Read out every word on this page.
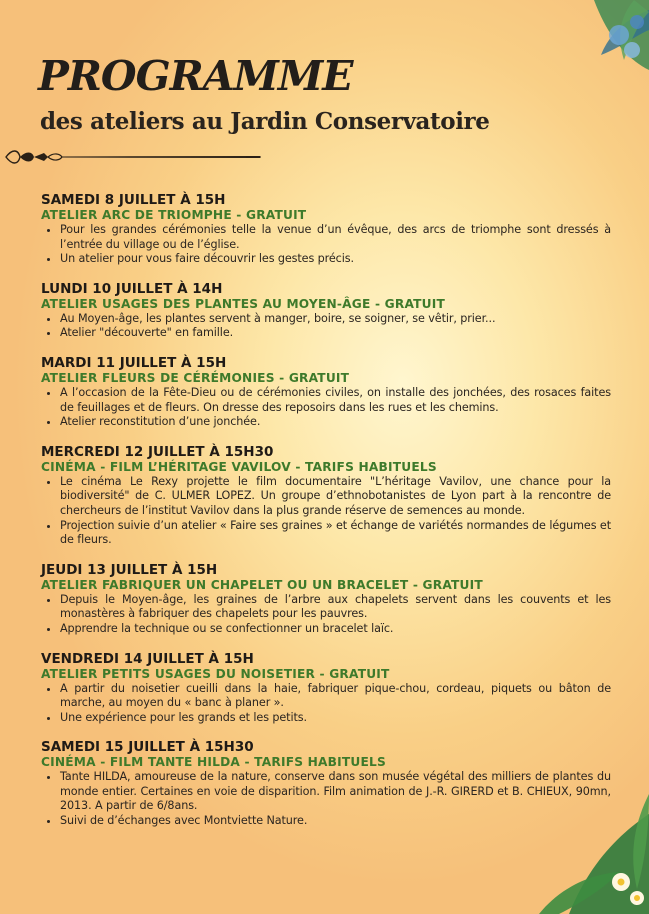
PROGRAMME
des ateliers au Jardin Conservatoire
SAMEDI 8 JUILLET À 15H
ATELIER ARC DE TRIOMPHE - GRATUIT
• Pour les grandes cérémonies telle la venue d’un évêque, des arcs de triomphe sont dressés à l’entrée du village ou de l’église.
• Un atelier pour vous faire découvrir les gestes précis.
LUNDI 10 JUILLET À 14H
ATELIER USAGES DES PLANTES AU MOYEN-ÂGE - GRATUIT
• Au Moyen-âge, les plantes servent à manger, boire, se soigner, se vêtir, prier...
• Atelier "découverte" en famille.
MARDI 11 JUILLET À 15H
ATELIER FLEURS DE CÉRÉMONIES - GRATUIT
• A l’occasion de la Fête-Dieu ou de cérémonies civiles, on installe des jonchées, des rosaces faites de feuillages et de fleurs. On dresse des reposoirs dans les rues et les chemins.
• Atelier reconstitution d’une jonchée.
MERCREDI 12 JUILLET À 15H30
CINÉMA - FILM L’HÉRITAGE VAVILOV - TARIFS HABITUELS
• Le cinéma Le Rexy projette le film documentaire "L’héritage Vavilov, une chance pour la biodiversité" de C. ULMER LOPEZ. Un groupe d’ethnobotanistes de Lyon part à la rencontre de chercheurs de l’institut Vavilov dans la plus grande réserve de semences au monde.
• Projection suivie d’un atelier « Faire ses graines » et échange de variétés normandes de légumes et de fleurs.
JEUDI 13 JUILLET À 15H
ATELIER FABRIQUER UN CHAPELET OU UN BRACELET - GRATUIT
• Depuis le Moyen-âge, les graines de l’arbre aux chapelets servent dans les couvents et les monastères à fabriquer des chapelets pour les pauvres.
• Apprendre la technique ou se confectionner un bracelet laïc.
VENDREDI 14 JUILLET À 15H
ATELIER PETITS USAGES DU NOISETIER - GRATUIT
• A partir du noisetier cueilli dans la haie, fabriquer pique-chou, cordeau, piquets ou bâton de marche, au moyen du « banc à planer ».
• Une expérience pour les grands et les petits.
SAMEDI 15 JUILLET À 15H30
CINÉMA - FILM TANTE HILDA - TARIFS HABITUELS
• Tante HILDA, amoureuse de la nature, conserve dans son musée végétal des milliers de plantes du monde entier. Certaines en voie de disparition. Film animation de J.-R. GIRERD et B. CHIEUX, 90mn, 2013. A partir de 6/8ans.
• Suivi de d’échanges avec Montviette Nature.
